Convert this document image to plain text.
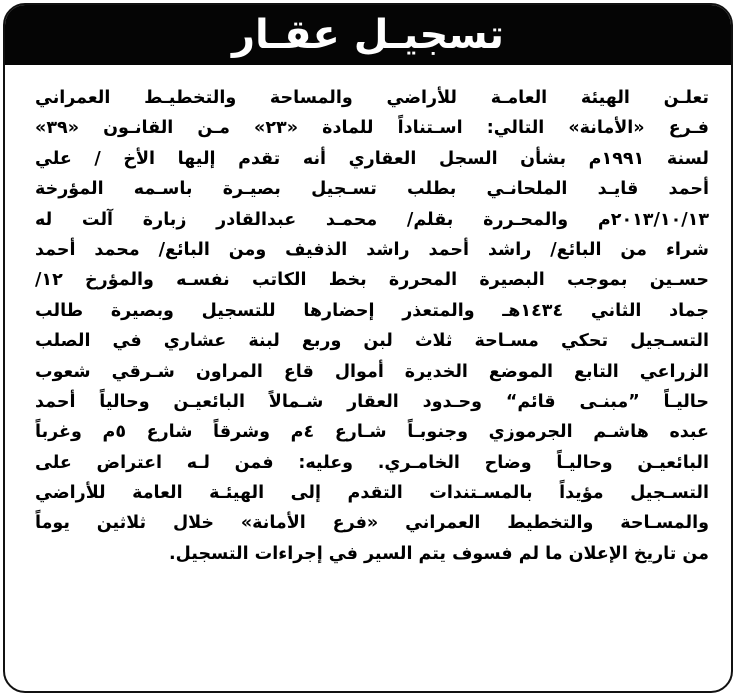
تسجيـل عقـار
تعلـن الهيئة العامـة للأراضي والمساحة والتخطيـط العمراني
فـرع «الأمانة» التالي: اسـتناداً للمادة «٢٣» مـن القانـون «٣٩»
لسنة ١٩٩١م بشأن السجل العقاري أنه تقدم إليها الأخ / علي
أحمد قايـد الملحانـي بطلب تسـجيل بصيـرة باسـمه المؤرخة
٢٠١٣/١٠/١٣م والمحـررة بقلم/ محمـد عبدالقادر زبارة آلت له
شراء من البائع/ راشد أحمد راشد الذفيف ومن البائع/ محمد أحمد
حسـين بموجب البصيرة المحررة بخط الكاتب نفسـه والمؤرخ ١٢/
جماد الثاني ١٤٣٤هـ والمتعذر إحضارها للتسجيل وبصيرة طالب
التسـجيل تحكي مسـاحة ثلاث لبن وربع لبنة عشاري في الصلب
الزراعي التابع الموضع الخديرة أموال قاع المراون شـرقي شعوب
حاليـاً ”مبنـى قائم“ وحـدود العقار شـمالاً البائعيـن وحالياً أحمد
عبده هاشـم الجرموزي وجنوبـاً شـارع ٤م وشرقاً شارع ٥م وغرباً
البائعيـن وحاليـاً وضاح الخامـري. وعليه: فمن لـه اعتراض على
التسـجيل مؤيداً بالمسـتندات التقدم إلى الهيئـة العامة للأراضي
والمسـاحة والتخطيط العمراني «فرع الأمانة» خلال ثلاثين يوماً
من تاريخ الإعلان ما لم فسوف يتم السير في إجراءات التسجيل.
